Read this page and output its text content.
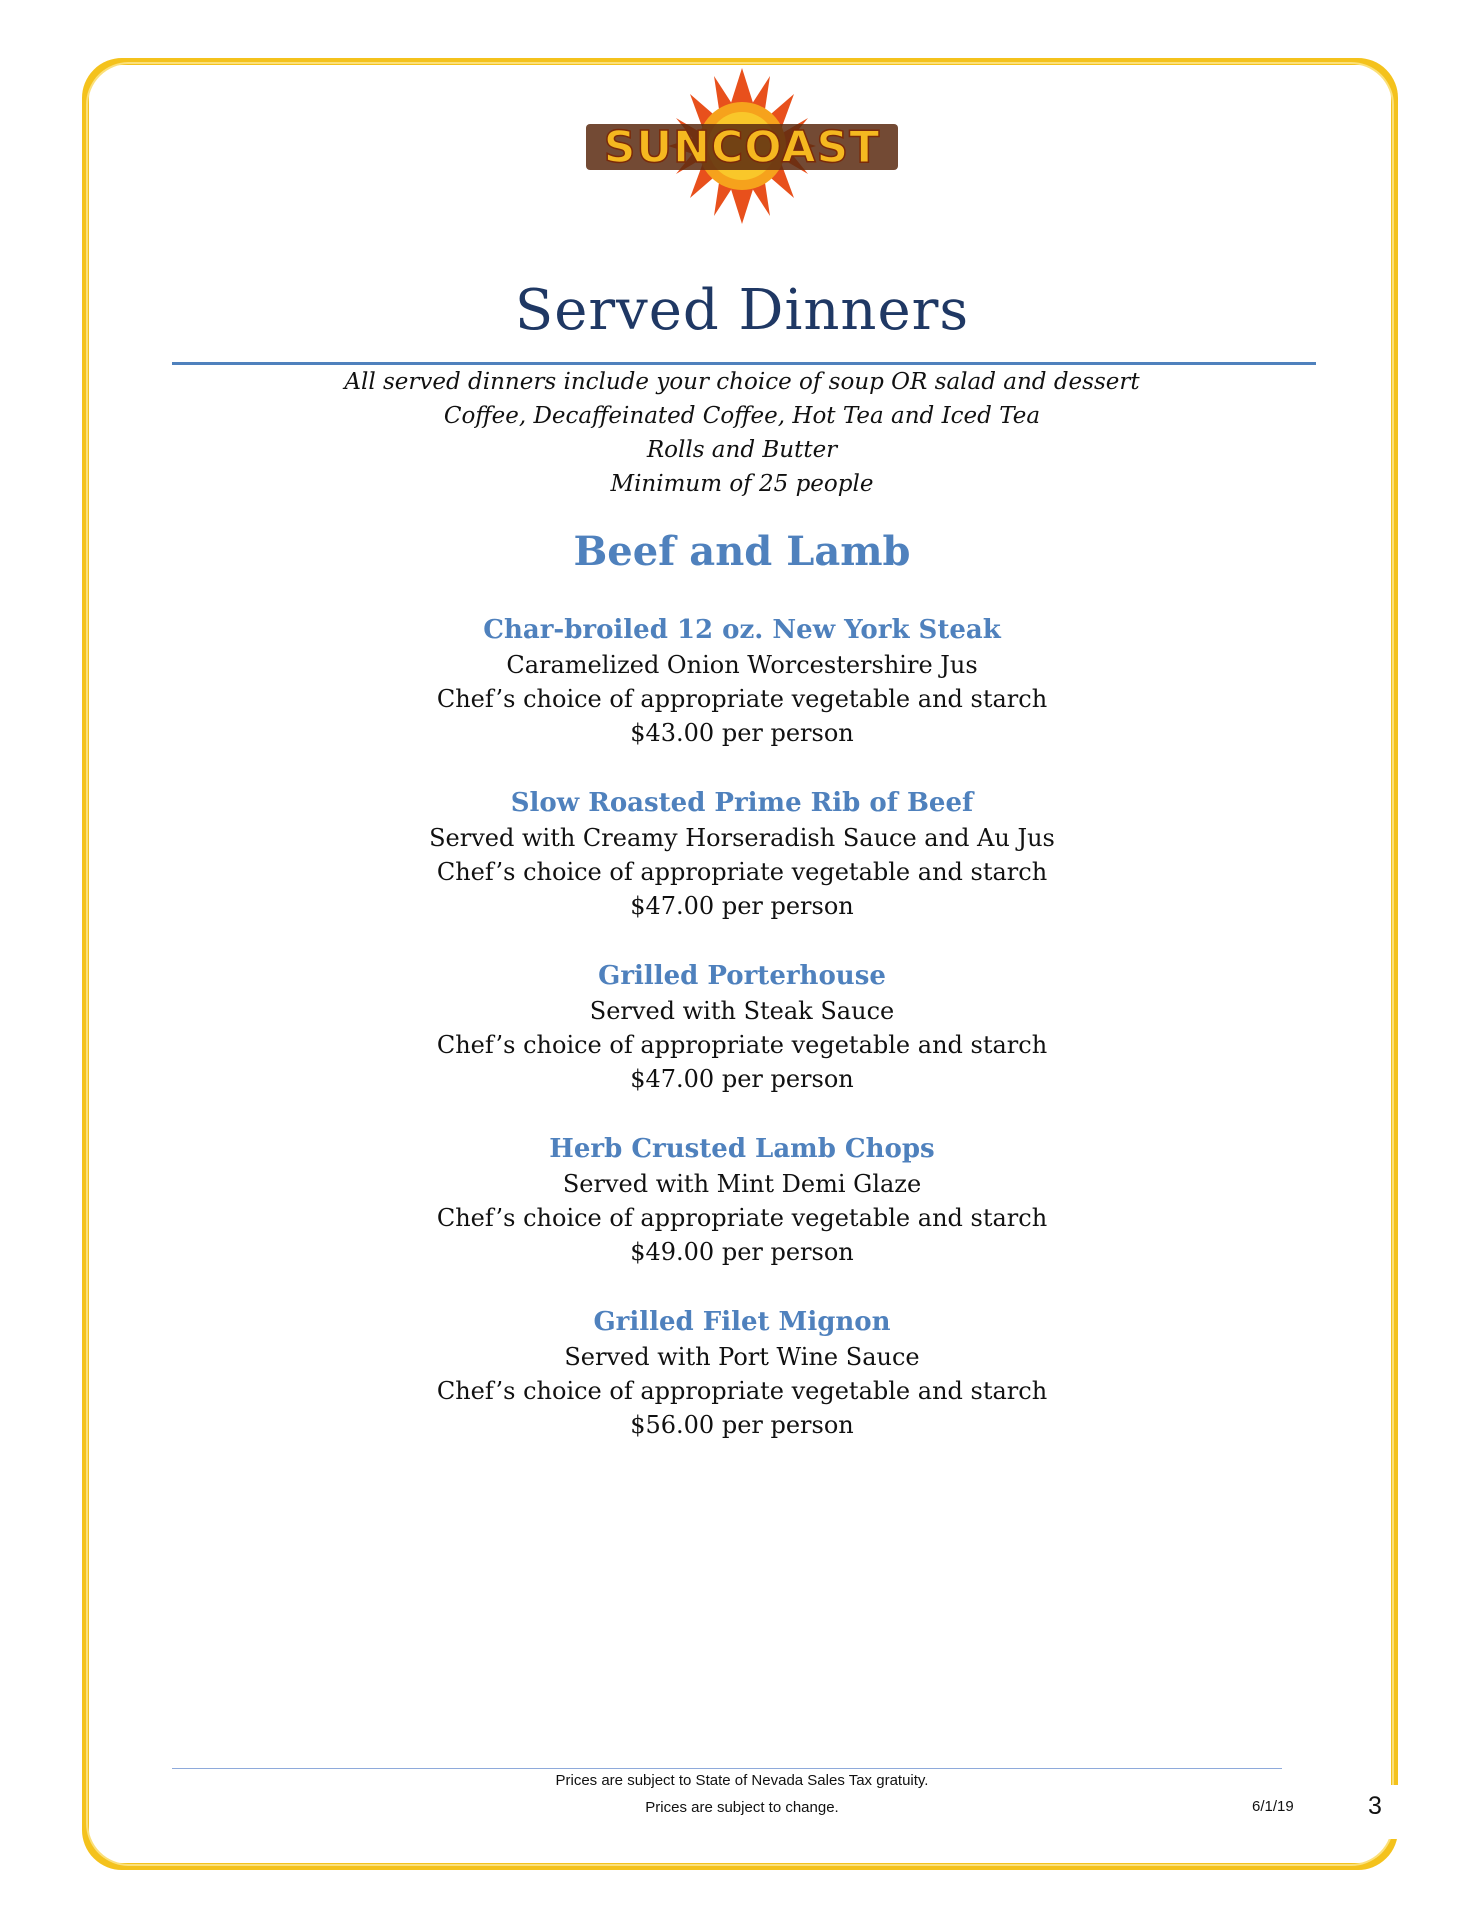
SUNCOAST
Served Dinners
All served dinners include your choice of soup OR salad and dessert
Coffee, Decaffeinated Coffee, Hot Tea and Iced Tea
Rolls and Butter
Minimum of 25 people
Beef and Lamb
Char-broiled 12 oz. New York Steak
Caramelized Onion Worcestershire Jus
Chef’s choice of appropriate vegetable and starch
$43.00 per person
Slow Roasted Prime Rib of Beef
Served with Creamy Horseradish Sauce and Au Jus
Chef’s choice of appropriate vegetable and starch
$47.00 per person
Grilled Porterhouse
Served with Steak Sauce
Chef’s choice of appropriate vegetable and starch
$47.00 per person
Herb Crusted Lamb Chops
Served with Mint Demi Glaze
Chef’s choice of appropriate vegetable and starch
$49.00 per person
Grilled Filet Mignon
Served with Port Wine Sauce
Chef’s choice of appropriate vegetable and starch
$56.00 per person
Prices are subject to State of Nevada Sales Tax gratuity.
Prices are subject to change.	6/1/19	3
